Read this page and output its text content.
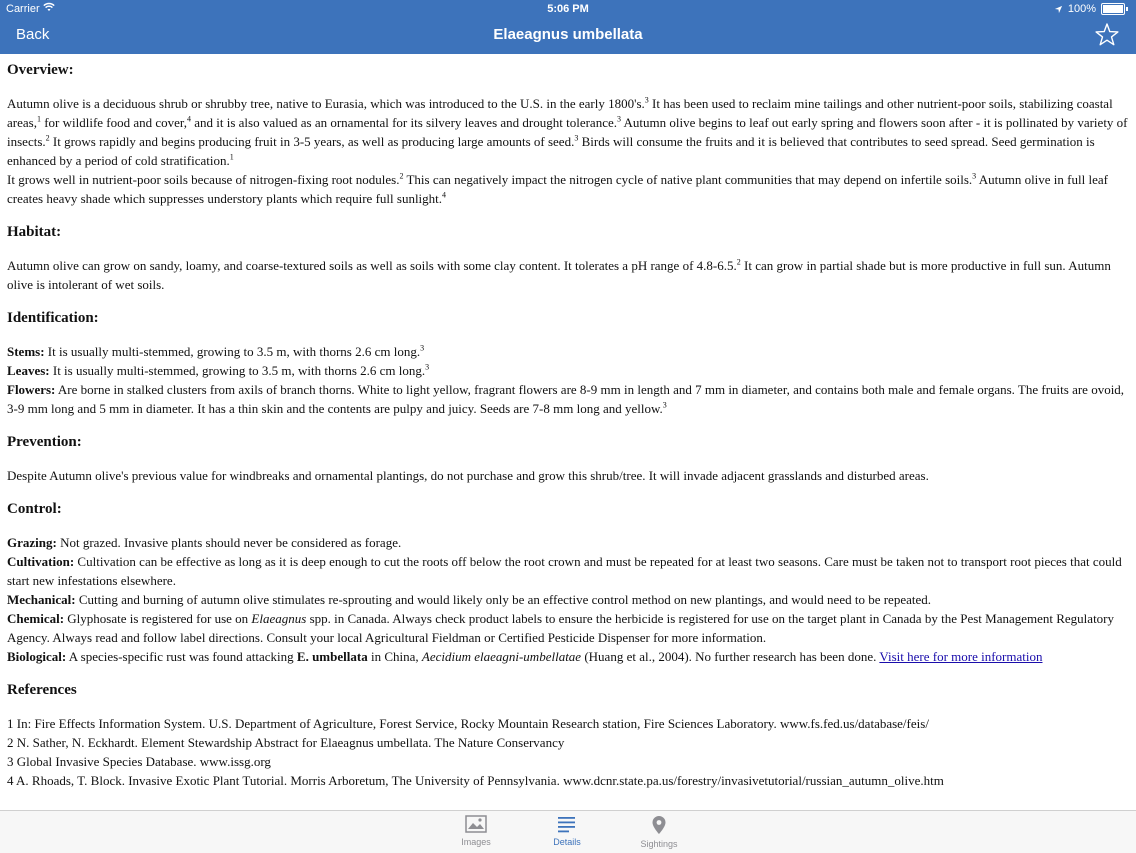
Carrier	5:06 PM	100%
Back	Elaeagnus umbellata
Overview:

Autumn olive is a deciduous shrub or shrubby tree, native to Eurasia, which was introduced to the U.S. in the early 1800's.$^3$ It has been used to reclaim mine tailings and other nutrient-poor soils, stabilizing coastal areas,$^1$ for wildlife food and cover,$^4$ and it is also valued as an ornamental for its silvery leaves and drought tolerance.$^3$ Autumn olive begins to leaf out early spring and flowers soon after - it is pollinated by variety of insects.$^2$ It grows rapidly and begins producing fruit in 3-5 years, as well as producing large amounts of seed.$^3$ Birds will consume the fruits and it is believed that contributes to seed spread. Seed germination is enhanced by a period of cold stratification.$^1$

It grows well in nutrient-poor soils because of nitrogen-fixing root nodules.$^2$ This can negatively impact the nitrogen cycle of native plant communities that may depend on infertile soils.$^3$ Autumn olive in full leaf creates heavy shade which suppresses understory plants which require full sunlight.$^4$

Habitat:

Autumn olive can grow on sandy, loamy, and coarse-textured soils as well as soils with some clay content. It tolerates a pH range of 4.8-6.5.$^2$ It can grow in partial shade but is more productive in full sun. Autumn olive is intolerant of wet soils.

Identification:

Stems: It is usually multi-stemmed, growing to 3.5 m, with thorns 2.6 cm long.$^3$

Leaves: It is usually multi-stemmed, growing to 3.5 m, with thorns 2.6 cm long.$^3$

Flowers: Are borne in stalked clusters from axils of branch thorns. White to light yellow, fragrant flowers are 8-9 mm in length and 7 mm in diameter, and contains both male and female organs. The fruits are ovoid, 3-9 mm long and 5 mm in diameter. It has a thin skin and the contents are pulpy and juicy. Seeds are 7-8 mm long and yellow.$^3$

Prevention:

Despite Autumn olive's previous value for windbreaks and ornamental plantings, do not purchase and grow this shrub/tree. It will invade adjacent grasslands and disturbed areas.

Control:

Grazing: Not grazed. Invasive plants should never be considered as forage.

Cultivation: Cultivation can be effective as long as it is deep enough to cut the roots off below the root crown and must be repeated for at least two seasons. Care must be taken not to transport root pieces that could start new infestations elsewhere.

Mechanical: Cutting and burning of autumn olive stimulates re-sprouting and would likely only be an effective control method on new plantings, and would need to be repeated.

Chemical: Glyphosate is registered for use on Elaeagnus spp. in Canada. Always check product labels to ensure the herbicide is registered for use on the target plant in Canada by the Pest Management Regulatory Agency. Always read and follow label directions. Consult your local Agricultural Fieldman or Certified Pesticide Dispenser for more information.

Biological: A species-specific rust was found attacking E. umbellata in China, Aecidium elaeagni-umbellatae (Huang et al., 2004). No further research has been done. Visit here for more information

References

1 In: Fire Effects Information System. U.S. Department of Agriculture, Forest Service, Rocky Mountain Research station, Fire Sciences Laboratory. www.fs.fed.us/database/feis/

2 N. Sather, N. Eckhardt. Element Stewardship Abstract for Elaeagnus umbellata. The Nature Conservancy

3 Global Invasive Species Database. www.issg.org

4 A. Rhoads, T. Block. Invasive Exotic Plant Tutorial. Morris Arboretum, The University of Pennsylvania. www.dcnr.state.pa.us/forestry/invasivetutorial/russian_autumn_olive.htm

Images	Details	Sightings
